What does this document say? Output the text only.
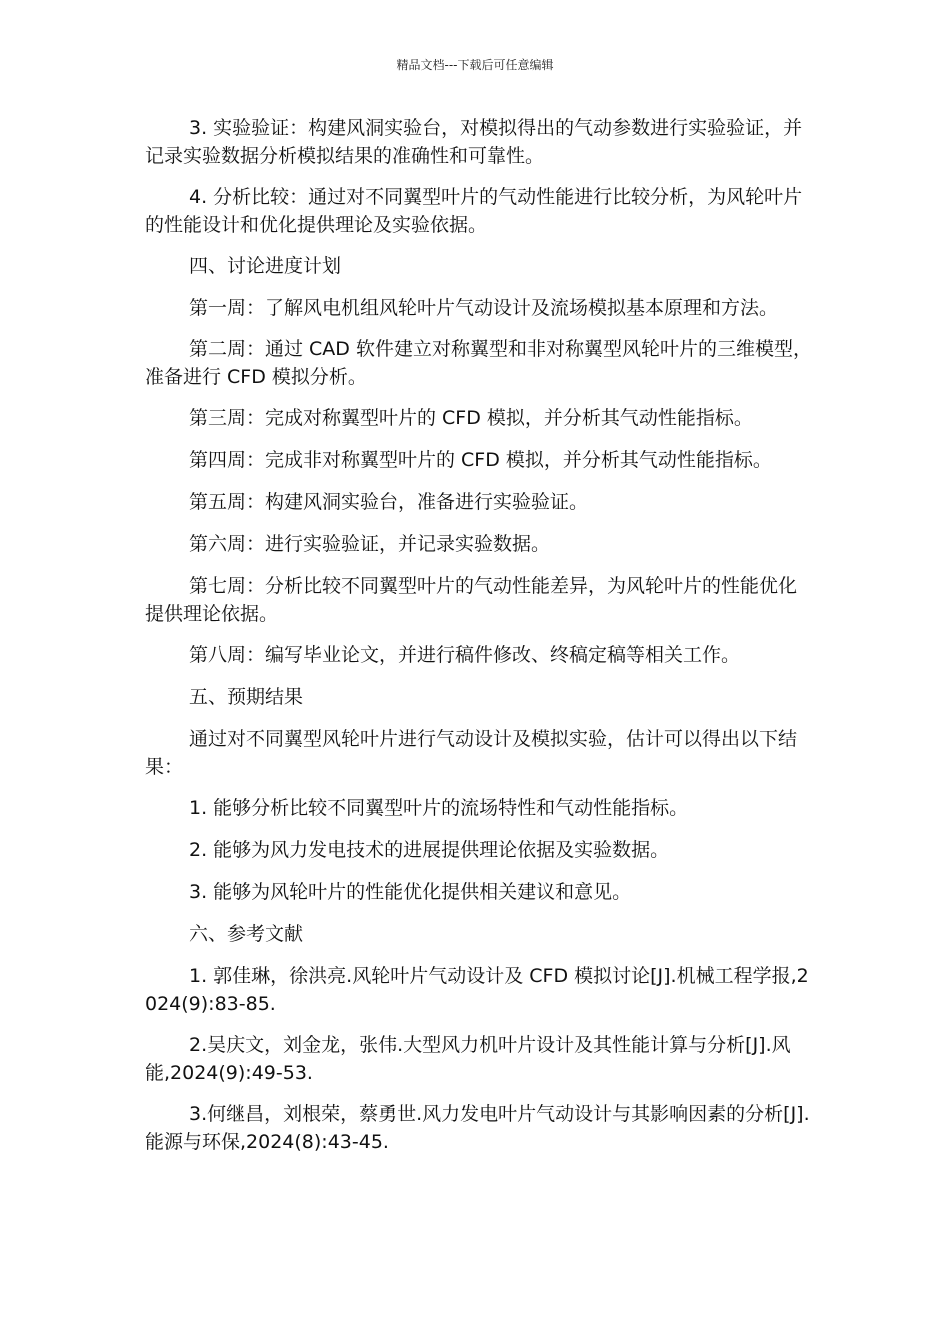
精品文档---下载后可任意编辑

3. 实验验证：构建风洞实验台，对模拟得出的气动参数进行实验验证，并记录实验数据分析模拟结果的准确性和可靠性。

4. 分析比较：通过对不同翼型叶片的气动性能进行比较分析，为风轮叶片的性能设计和优化提供理论及实验依据。

四、讨论进度计划

第一周：了解风电机组风轮叶片气动设计及流场模拟基本原理和方法。

第二周：通过 CAD 软件建立对称翼型和非对称翼型风轮叶片的三维模型，准备进行 CFD 模拟分析。

第三周：完成对称翼型叶片的 CFD 模拟，并分析其气动性能指标。

第四周：完成非对称翼型叶片的 CFD 模拟，并分析其气动性能指标。

第五周：构建风洞实验台，准备进行实验验证。

第六周：进行实验验证，并记录实验数据。

第七周：分析比较不同翼型叶片的气动性能差异，为风轮叶片的性能优化提供理论依据。

第八周：编写毕业论文，并进行稿件修改、终稿定稿等相关工作。

五、预期结果

通过对不同翼型风轮叶片进行气动设计及模拟实验，估计可以得出以下结果：

1. 能够分析比较不同翼型叶片的流场特性和气动性能指标。

2. 能够为风力发电技术的进展提供理论依据及实验数据。

3. 能够为风轮叶片的性能优化提供相关建议和意见。

六、参考文献

1. 郭佳琳，徐洪亮.风轮叶片气动设计及 CFD 模拟讨论[J].机械工程学报,2024(9):83-85.

2.吴庆文，刘金龙，张伟.大型风力机叶片设计及其性能计算与分析[J].风能,2024(9):49-53.

3.何继昌，刘根荣，蔡勇世.风力发电叶片气动设计与其影响因素的分析[J].能源与环保,2024(8):43-45.
